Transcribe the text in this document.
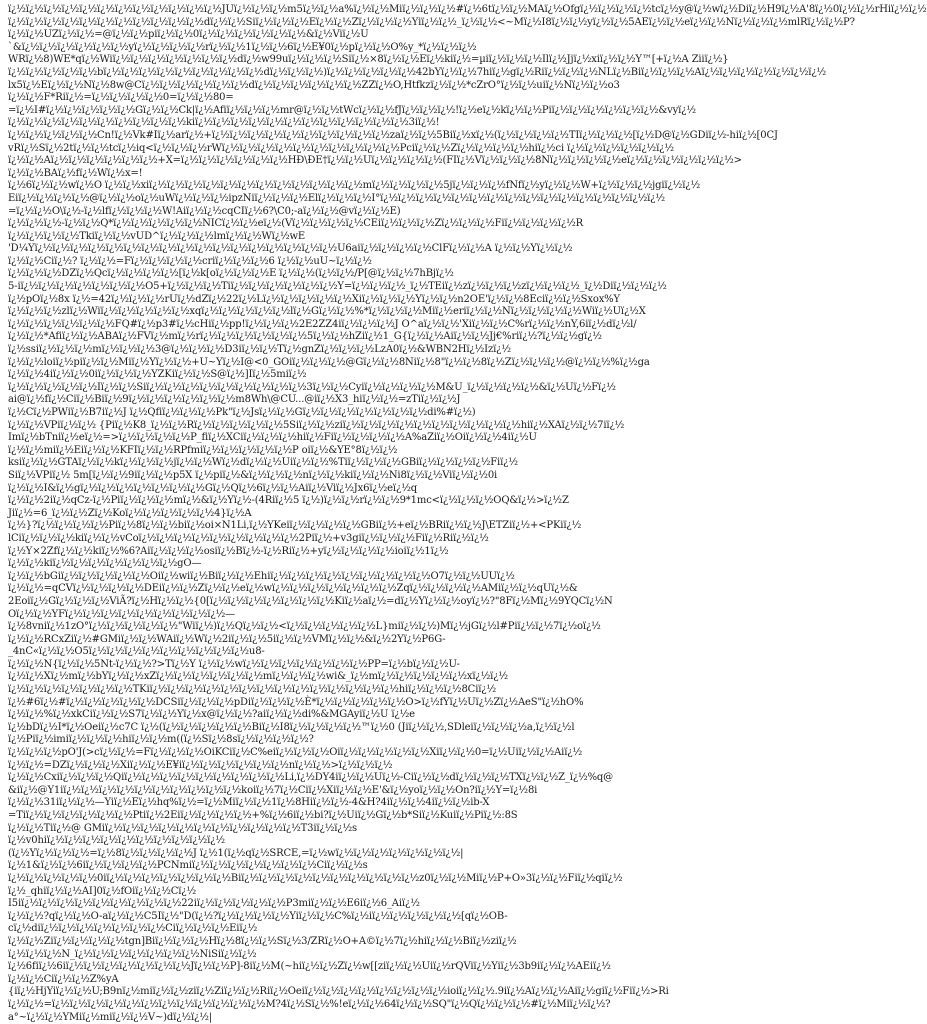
ï¿½ï¿½ï¿½ï¿½ï¿½ï¿½ï¿½ï¿½ï¿½ï¿½ï¿½ï¿½JUï¿½ï¿½ï¿½m5ï¿½ï¿½a%ï¿½ï¿½Miï¿½ï¿½ï¿½#ï¿½6tï¿½ï¿½MAï¿½Ofgï¿½ï¿½ï¿½ï¿½tcï¿½y@ï¿½wï¿½Diï¿½H9ï¿½A'8ï¿½0ï¿½ï¿½rHiï¿½ï¿½
ï¿½ï¿½ï¿½ï¿½ï¿½ï¿½ï¿½ï¿½ï¿½ï¿½ï¿½dï¿½ï¿½Siï¿½ï¿½ï¿½Eï¿½ï¿½Zï¿½ï¿½ï¿½Yiï¿½ï¿½_ï¿½ï¿½<~Mï¿½I8ï¿½ï¿½yï¿½ï¿½5AEï¿½ï¿½eï¿½ï¿½Nï¿½ï¿½ï¿½mlRï¿½ï¿½P?
ï¿½ï¿½UZï¿½ï¿½=@ï¿½ï¿½piï¿½ï¿½0ï¿½ï¿½ï¿½ï¿½ï¿½ï¿½&ï¿½Viï¿½U
`&ï¿½ï¿½ï¿½ï¿½ï¿½ï¿½yï¿½ï¿½ï¿½ï¿½rï¿½ï¿½1ï¿½ï¿½6ï¿½E¥0ï¿½pï¿½ï¿½O%y_*ï¿½ï¿½ï¿½
WRï¿½8)WE*qï¿½Wiï¿½ï¿½ï¿½ï¿½ï¿½ï¿½ï¿½dï¿½w99uï¿½ï¿½ï¿½Siï¿½×8ï¿½ï¿½Eï¿½kiï¿½=µiï¿½ï¿½ï¿½Ilï¿½Jjï¿½xiï¿½ï¿½Y™[+ï¿½A Ziiï¿½}
ï¿½ï¿½ï¿½ï¿½ï¿½bï¿½ï¿½ï¿½ï¿½ï¿½ï¿½ï¿½ï¿½ï¿½dï¿½ï¿½ï¿½)ï¿½ï¿½ï¿½ï¿½ï¿½42bYï¿½ï¿½7hiï¿½gï¿½Riï¿½ï¿½ï¿½NLï¿½Biï¿½ï¿½ï¿½Aï¿½ï¿½ï¿½ï¿½ï¿½ï¿½ï¿½
lx5ï¿½Eï¿½ï¿½Nï¿½8w@Cï¿½ï¿½ï¿½ï¿½ï¿½ï¿½dï¿½ï¿½ï¿½ï¿½ï¿½ï¿½ZZï¿½O,Htfkzï¿½ï¿½*cZrO°ï¿½ï¿½uiï¿½Nï¿½ï¿½o3
ï¿½ï¿½F*Riï¿½=ï¿½ï¿½ï¿½ï¿½0=ï¿½ï¿½80=
=ï¿½I#ï¿½ï¿½ï¿½ï¿½ï¿½Gï¿½ï¿½Ck|ï¿½Afiï¿½ï¿½ï¿½mr@ï¿½ï¿½tWcï¿½ï¿½fJï¿½ï¿½ï¿½!ï¿½eï¿½kï¿½ï¿½Piï¿½ï¿½ï¿½ï¿½ï¿½ï¿½&vyï¿½
ï¿½ï¿½ï¿½ï¿½ï¿½ï¿½ï¿½ï¿½ï¿½ï¿½kiï¿½ï¿½ï¿½ï¿½ï¿½ï¿½ï¿½ï¿½ï¿½ï¿½ï¿½ï¿½3iï¿½!
ï¿½ï¿½ï¿½ï¿½ï¿½Cn!ï¿½Vk#Iï¿½arï¿½+ï¿½ï¿½ï¿½ï¿½ï¿½ï¿½ï¿½ï¿½ï¿½ï¿½zaï¿½ï¿½5Biï¿½xï¿½(ï¿½ï¿½ï¿½ï¿½TIï¿½ï¿½ï¿½[ï¿½D@ï¿½GDiï¿½-hiï¿½[0CJ
vRï¿½Sï¿½2tï¿½ï¿½tcï¿½iq<ï¿½ï¿½ï¿½rWï¿½ï¿½ï¿½ï¿½ï¿½ï¿½ï¿½ï¿½ï¿½ï¿½Pciï¿½ï¿½Zï¿½ï¿½ï¿½ï¿½hiï¿½ci ï¿½ï¿½ï¿½ï¿½ï¿½ï¿½
ï¿½ï¿½Aï¿½ï¿½ï¿½ï¿½ï¿½ï¿½+X=ï¿½ï¿½ï¿½ï¿½ï¿½ï¿½HÐ\ÐE†ï¿½ï¿½Uï¿½ï¿½ï¿½ï¿½(FIï¿½Vï¿½ï¿½ï¿½8Nï¿½ï¿½ï¿½ï¿½eï¿½ï¿½ï¿½ï¿½ï¿½ï¿½>
ï¿½ï¿½BAï¿½fï¿½Wï¿½x=!
ï¿½6ï¿½ï¿½wï¿½O ï¿½ï¿½xiï¿½ï¿½ï¿½ï¿½ï¿½ï¿½ï¿½ï¿½ï¿½ï¿½ï¿½ï¿½mï¿½ï¿½ï¿½ï¿½5jï¿½ï¿½ï¿½fNfï¿½yï¿½ï¿½W+ï¿½ï¿½ï¿½jgiï¿½ï¿½
Eiï¿½ï¿½ï¿½ï¿½@ï¿½ï¿½oï¿½uWï¿½ï¿½ï¿½ipzNiï¿½ï¿½ï¿½Elï¿½ï¿½ï¿½I°ï¿½ï¿½ï¿½ï¿½ï¿½ï¿½ï¿½ï¿½ï¿½ï¿½ï¿½ï¿½ï¿½ï¿½ï¿½ï¿½
=ï¿½ï¿½O\ï¿½-ï¿½lfï¿½ï¿½ï¿½W!Aiï¿½ï¿½cqCIï¿½6?\C0;-aï¿½ï¿½@vï¿½ï¿½E)
ï¿½ï¿½ï¿½-ï¿½ï¿½Q*ï¿½ï¿½ï¿½ï¿½ï¿½NICï¿½ï¿½eï¿½(Vï¿½ï¿½ï¿½ï¿½CEiï¿½ï¿½ï¿½Zï¿½ï¿½ï¿½Fiï¿½ï¿½ï¿½ï¿½R
ï¿½ï¿½ï¿½ï¿½Tkiï¿½ï¿½vUD^ï¿½ï¿½ï¿½lmï¿½ï¿½Wï¿½wE
'D¼Yï¿½ï¿½ï¿½ï¿½ï¿½ï¿½ï¿½ï¿½ï¿½ï¿½ï¿½ï¿½ï¿½ï¿½ï¿½ï¿½ï¿½U6aiï¿½ï¿½ï¿½ï¿½ClFï¿½ï¿½A ï¿½ï¿½Yï¿½ï¿½
ï¿½ï¿½Ciï¿½? ï¿½ï¿½=Fï¿½ï¿½ï¿½ï¿½criï¿½ï¿½ï¿½6 ï¿½ï¿½uU~ï¿½ï¿½
ï¿½ï¿½ï¿½DZï¿½Qcï¿½ï¿½ï¿½ï¿½[ï¿½k[oï¿½ï¿½ï¿½E ï¿½ï¿½(ï¿½ï¿½/P[@ï¿½ï¿½7hBjï¿½
5-iï¿½ï¿½ï¿½ï¿½ï¿½ï¿½ï¿½O5+ï¿½ï¿½ï¿½Tiï¿½ï¿½ï¿½ï¿½ï¿½ï¿½Y=ï¿½ï¿½ï¿½_ï¿½TEiï¿½zï¿½ï¿½ï¿½zï¿½ï¿½ï¿½_ï¿½Diï¿½ï¿½ï¿½
ï¿½pOï¿½8x ï¿½=42ï¿½ï¿½ï¿½rUï¿½dZï¿½22ï¿½Lï¿½ï¿½ï¿½ï¿½ï¿½Xiï¿½ï¿½ï¿½Yï¿½ï¿½n2OE'ï¿½ï¿½8Eciï¿½ï¿½Sxox%Y
ï¿½ï¿½ï¿½zlï¿½Wiï¿½ï¿½ï¿½ï¿½ï¿½xqï¿½ï¿½ï¿½ï¿½ï¿½lï¿½Gï¿½ï¿½%*ï¿½ï¿½ï¿½Miï¿½eriï¿½ï¿½Nï¿½ï¿½ï¿½ï¿½Wiï¿½Uï¿½X
ï¿½ï¿½ï¿½ï¿½ï¿½ï¿½FQ#ï¿½p3#ï¿½cHiï¿½pp!ï¿½ï¿½ï¿½2E2ZZ4iï¿½ï¿½ï¿½J O^aï¿½ï¿½'Xiï¿½ï¿½C%rï¿½ï¿½nY,6iï¿½dï¿½l/
ï¿½ï¿½*Afiï¿½ï¿½ABAï¿½FVï¿½mï¿½rï¿½ï¿½ï¿½ï¿½ï¿½ï¿½5ï¿½ï¿½hZiï¿½1_G{ï¿½ï¿½Aiï¿½ï¿½Jj€%riï¿½?ï¿½ï¿½gï¿½
ï¿½ssiï¿½ï¿½ï¿½mï¿½ï¿½ï¿½3@ï¿½ï¿½ï¿½D3iï¿½ï¿½Tï¿½gnZï¿½ï¿½ï¿½LzA0ï¿½&WBN2Hï¿½Izï¿½
ï¿½ï¿½loiï¿½piï¿½ï¿½Miï¿½Yï¿½ï¿½+U~Yï¿½I@<0_GOiï¿½ï¿½ï¿½@Gï¿½ï¿½8Niï¿½8"ï¿½ï¿½8ï¿½Zï¿½ï¿½ï¿½@ï¿½ï¿½%ï¿½ga
ï¿½ï¿½4iï¿½ï¿½0iï¿½ï¿½ï¿½YZKiï¿½ï¿½S@ï¿½]Iï¿½5miï¿½
ï¿½ï¿½ï¿½ï¿½ï¿½Iï¿½ï¿½Siï¿½ï¿½ï¿½ï¿½ï¿½ï¿½ï¿½ï¿½ï¿½3ï¿½ï¿½Cyiï¿½ï¿½ï¿½ï¿½M&U_ï¿½ï¿½ï¿½ï¿½&ï¿½Uï¿½Fï¿½
ai@ï¿½fï¿½Ciï¿½Biï¿½9ï¿½ï¿½ï¿½ï¿½ï¿½ï¿½m8Wh\@CU...@iï¿½X3_hiï¿½ï¿½=zTiï¿½ï¿½J
ï¿½Cï¿½PWiï¿½B7iï¿½J ï¿½Qfiï¿½ï¿½ï¿½Pk"ï¿½Jsï¿½ï¿½Gï¿½ï¿½ï¿½ï¿½ï¿½ï¿½ï¿½di%#ï¿½)
ï¿½ï¿½VPiï¿½ï¿½ {Piï¿½K8_ï¿½ï¿½Rï¿½ï¿½ï¿½ï¿½ï¿½5Siï¿½ï¿½ziï¿½ï¿½ï¿½ï¿½ï¿½ï¿½ï¿½ï¿½ï¿½ï¿½hiï¿½XAï¿½ï¿½7iï¿½
Imï¿½bTniï¿½eï¿½=>ï¿½ï¿½ï¿½ï¿½P_fiï¿½XCiï¿½ï¿½ï¿½hiï¿½Fiï¿½ï¿½ï¿½ï¿½A%aZiï¿½Oiï¿½ï¿½4iï¿½U
ï¿½ï¿½miï¿½Eiï¿½ï¿½KFIï¿½ï¿½RPfmiï¿½ï¿½ï¿½ï¿½ï¿½P oiï¿½&YE°8ï¿½ï¿½
ksiï¿½ï¿½GTAï¿½ï¿½kï¿½ï¿½ï¿½jï¿½ï¿½Wï¿½dï¿½ï¿½Uiï¿½ï¿½%Tiï¿½ï¿½ï¿½GBiï¿½ï¿½ï¿½ï¿½Fiï¿½
Siï¿½VPiï¿½ 5m[ï¿½ï¿½9iï¿½ï¿½p5X ï¿½piï¿½&ï¿½ï¿½ï¿½nï¿½ï¿½kiï¿½ï¿½Ni8ï¿½ï¿½Viï¿½ï¿½0i
ï¿½ï¿½I&ï¿½gï¿½ï¿½ï¿½ï¿½ï¿½ï¿½ï¿½Gï¿½Qï¿½6ï¿½ï¿½Aiï¿½Viï¿½Jx6ï¿½eï¿½q
ï¿½ï¿½2iï¿½qCz-ï¿½Piï¿½ï¿½ï¿½mï¿½&ï¿½Yï¿½-(4Riï¿½5 ï¿½)ï¿½ï¿½rï¿½ï¿½9*1mc<ï¿½ï¿½ï¿½OQ&ï¿½>ï¿½Z
Jiï¿½=6_ï¿½ï¿½Zï¿½Koï¿½ï¿½ï¿½ï¿½ï¿½4}ï¿½A
ï¿½}?ï¿½ï¿½ï¿½ï¿½Piï¿½8ï¿½ï¿½biï¿½oi×N1Li,ï¿½YKeiï¿½ï¿½ï¿½ï¿½GBiï¿½+eï¿½BRiï¿½ï¿½J\ETZiï¿½+<PKiï¿½
lCiï¿½ï¿½ï¿½kiï¿½ï¿½vCoï¿½ï¿½ï¿½ï¿½ï¿½ï¿½ï¿½ï¿½ï¿½2Piï¿½+v3giï¿½ï¿½ï¿½Fiï¿½Riï¿½ï¿½
ï¿½Y×2Zfï¿½ï¿½kiï¿½%6?Aiï¿½ï¿½ï¿½osiï¿½Bï¿½-ï¿½Riï¿½+yï¿½ï¿½ï¿½ï¿½ioiï¿½1ï¿½
ï¿½ï¿½kiï¿½ï¿½ï¿½ï¿½ï¿½ï¿½ï¿½gO—
ï¿½ï¿½bGiï¿½ï¿½ï¿½ï¿½ï¿½Oiï¿½wiï¿½Biï¿½ï¿½Ehiï¿½ï¿½ï¿½ï¿½ï¿½ï¿½ï¿½ï¿½ï¿½O7ï¿½ï¿½UUï¿½
ï¿½ï¿½=qCVï¿½ï¿½ï¿½ï¿½DEiï¿½ï¿½Zï¿½ï¿½eï¿½wï¿½ï¿½ï¿½ï¿½ï¿½ï¿½ï¿½Zqï¿½ï¿½ï¿½ï¿½AMiï¿½ï¿½qUï¿½&
2Eoiï¿½Gï¿½ï¿½ï¿½ViÃ?ï¿½Hï¿½ï¿½{0[ï¿½ï¿½ï¿½ï¿½ï¿½ï¿½ï¿½Kiï¿½aï¿½=dï¿½Yï¿½ï¿½oyï¿½?"8Fï¿½Mï¿½9YQCï¿½N
Oï¿½ï¿½YFï¿½ï¿½ï¿½ï¿½ï¿½ï¿½ï¿½ï¿½ï¿½—
ï¿½8vniï¿½1zO°ï¿½ï¿½ï¿½ï¿½ï¿½"Wiï¿½)ï¿½Qï¿½ï¿½<ï¿½ï¿½ï¿½ï¿½ï¿½L}miï¿½ï¿½)Mï¿½jGï¿½l#Piï¿½ï¿½7ï¿½oï¿½
ï¿½ï¿½RCxZiï¿½#GMiï¿½ï¿½WAiï¿½Wï¿½2iï¿½ï¿½5iï¿½ï¿½VMï¿½ï¿½&ï¿½2Yï¿½P6G-
_4nC«ï¿½ï¿½O5ï¿½ï¿½ï¿½ï¿½ï¿½ï¿½ï¿½ï¿½ï¿½u8-
ï¿½ï¿½N{ï¿½ï¿½5Nt-ï¿½ï¿½?>Tï¿½Y ï¿½ï¿½wï¿½ï¿½ï¿½ï¿½ï¿½ï¿½ï¿½PP=ï¿½bï¿½ï¿½U-
ï¿½ï¿½Xï¿½mï¿½bYï¿½ï¿½xZï¿½ï¿½ï¿½ï¿½ï¿½ï¿½mï¿½ï¿½ï¿½wi&_ï¿½mï¿½ï¿½ï¿½ï¿½ï¿½xï¿½ï¿½
ï¿½ï¿½ï¿½ï¿½ï¿½ï¿½ï¿½TKiï¿½ï¿½ï¿½ï¿½ï¿½ï¿½ï¿½ï¿½ï¿½ï¿½ï¿½ï¿½ï¿½ï¿½hiï¿½ï¿½ï¿½8Ciï¿½
ï¿½#6ï¿½#ï¿½ï¿½ï¿½ï¿½ï¿½DCSiï¿½ï¿½ï¿½pDiï¿½ï¿½ï¿½È*ï¿½ï¿½ï¿½ï¿½ï¿½O>ï¿½fYï¿½Uï¿½Zï¿½AeS"ï¿½hO%
ï¿½ï¿½%ï¿½xkCiï¿½ï¿½S7ï¿½ï¿½Yï¿½x@ï¿½ï¿½?aiï¿½ï¿½di%&MGAyiï¿½U ï¿½e
ï¿½bDï¿½I*ï¿½Oeiï¿½c7C ï¿½(ï¿½ï¿½ï¿½ï¿½ï¿½Biï¿½I8ï¿½ï¿½ï¿½ï¿½™ï¿½0 (Jiï¿½ï¿½,SDleiï¿½ï¿½ï¿½a,ï¿½ï¿½l
ï¿½Piï¿½imiï¿½ï¿½ï¿½hiï¿½ï¿½m((ï¿½Sï¿½8sï¿½ï¿½ï¿½ï¿½?
ï¿½ï¿½ï¿½pO'J(>cï¿½ï¿½=Fï¿½ï¿½ï¿½OiKCiï¿½C%eiï¿½ï¿½ï¿½Oiï¿½ï¿½ï¿½ï¿½ï¿½Xiï¿½ï¿½0=ï¿½Uiï¿½ï¿½Aiï¿½
ï¿½ï¿½=DZï¿½ï¿½ï¿½Xiï¿½ï¿½E¥iï¿½ï¿½ï¿½ï¿½ï¿½ï¿½nï¿½ï¿½>ï¿½ï¿½ï¿½
ï¿½ï¿½Cxiï¿½ï¿½ï¿½Qiï¿½ï¿½ï¿½ï¿½ï¿½ï¿½ï¿½ï¿½ï¿½Li,ï¿½DY4iï¿½ï¿½Uï¿½-Ciï¿½ï¿½dï¿½ï¿½ï¿½TXï¿½ï¿½Z_ï¿½%q@
&iï¿½@Y1iï¿½ï¿½ï¿½ï¿½ï¿½ï¿½ï¿½ï¿½ï¿½ï¿½koiï¿½7ï¿½Ciï¿½Xiï¿½ï¿½E'&ï¿½yoï¿½ï¿½On?iï¿½Y=ï¿½8i
ï¿½ï¿½31iï¿½ï¿½—Yiï¿½Eï¿½hq%ï¿½=ï¿½Miï¿½ï¿½1ï¿½8Hiï¿½ï¿½-4&H?4iï¿½ï¿½4iï¿½ï¿½ib-X
=Tiï¿½ï¿½ï¿½ï¿½ï¿½ï¿½Ptiï¿½2Eiï¿½ï¿½ï¿½ï¿½+%ï¿½6iï¿½bi?ï¿½Uiï¿½Gï¿½b*Siï¿½Kuiï¿½Piï¿½:8S
ï¿½ï¿½Tiï¿½@ GMiï¿½ï¿½ï¿½ï¿½ï¿½ï¿½ï¿½ï¿½ï¿½ï¿½ï¿½T3iï¿½ï¿½s
ï¿½v0hiï¿½ï¿½ï¿½ï¿½ï¿½ï¿½ï¿½ï¿½ï¿½ï¿½
(ï¿½Yï¿½ï¿½ï¿½=ï¿½8ï¿½ï¿½ï¿½ï¿½J ï¿½1(ï¿½qï¿½SRCE,=ï¿½wï¿½ï¿½ï¿½ï¿½ï¿½ï¿½ï¿½|
ï¿½1&ï¿½ï¿½6iï¿½ï¿½ï¿½ï¿½PCNmiï¿½ï¿½ï¿½ï¿½ï¿½ï¿½ï¿½Ciï¿½ï¿½s
ï¿½ï¿½ï¿½ï¿½ï¿½0iï¿½ï¿½ï¿½ï¿½ï¿½ï¿½ï¿½Biï¿½ï¿½ï¿½ï¿½ï¿½ï¿½ï¿½ï¿½ï¿½ï¿½z0ï¿½ï¿½Miï¿½P+O»3ï¿½ï¿½Fiï¿½qiï¿½
ï¿½_qhiï¿½ï¿½AI]0ï¿½fOiï¿½ï¿½Cï¿½
I5iï¿½ï¿½ï¿½ï¿½ï¿½ï¿½ï¿½ï¿½ï¿½22iï¿½ï¿½ï¿½ï¿½ï¿½P3miï¿½ï¿½E6iï¿½6_Aiï¿½
ï¿½ï¿½?qï¿½ï¿½O-aï¿½ï¿½C5Iï¿½"D(ï¿½?ï¿½ï¿½ï¿½ï¿½Yiï¿½ï¿½C%ï¿½iï¿½ï¿½ï¿½ï¿½ï¿½[qï¿½OB-
cï¿½diï¿½ï¿½ï¿½ï¿½ï¿½ï¿½ï¿½Ciï¿½ï¿½ï¿½Eiï¿½
ï¿½ï¿½Ziï¿½ï¿½ï¿½ï¿½tgn]Biï¿½ï¿½ï¿½Hï¿½8ï¿½ï¿½Sï¿½3/ZRï¿½O+A©ï¿½7ï¿½hiï¿½ï¿½Biï¿½ziï¿½
ï¿½ï¿½ï¿½N_ï¿½ï¿½ï¿½ï¿½ï¿½ï¿½ï¿½NiSiï¿½ï¿½
ï¿½6fiï¿½6iï¿½ï¿½ï¿½ï¿½ï¿½ï¿½ï¿½Jï¿½ï¿½P]-8iï¿½M(~hiï¿½ï¿½Zï¿½w[[ziï¿½ï¿½Uiï¿½rQViï¿½Yiï¿½3b9iï¿½ï¿½AEiï¿½
ï¿½ï¿½Ciï¿½ï¿½Z%yA
{iï¿½HjYiï¿½ï¿½U;B9nï¿½miï¿½ï¿½ziï¿½Ziï¿½ï¿½Riï¿½Oeiï¿½ï¿½ï¿½ï¿½ï¿½ï¿½ï¿½ï¿½ioiï¿½ï¿½.9iï¿½Aï¿½ï¿½Aiï¿½giï¿½Fiï¿½>Ri
ï¿½ï¿½=ï¿½ï¿½ï¿½ï¿½ï¿½ï¿½ï¿½ï¿½ï¿½ï¿½ï¿½ï¿½M?4ï¿½Sï¿½%!eï¿½ï¿½64ï¿½ï¿½SQ"ï¿½Qï¿½ï¿½ï¿½#ï¿½Miï¿½ï¿½?
a°~ï¿½ï¿½YMiï¿½miï¿½ï¿½V~)dï¿½ï¿½|
